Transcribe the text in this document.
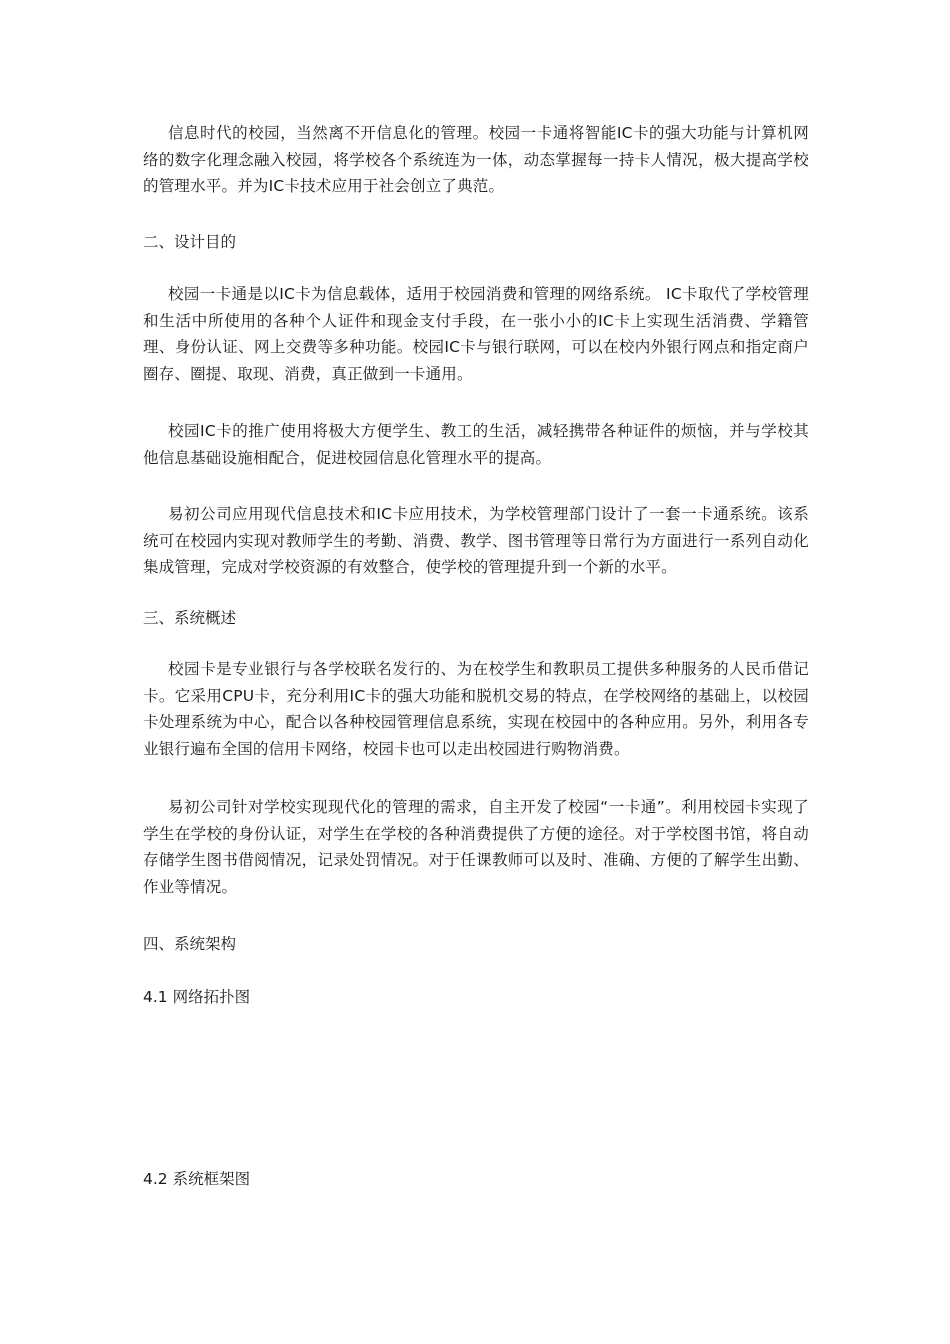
信息时代的校园，当然离不开信息化的管理。校园一卡通将智能IC卡的强大功能与计算机网络的数字化理念融入校园，将学校各个系统连为一体，动态掌握每一持卡人情况，极大提高学校的管理水平。并为IC卡技术应用于社会创立了典范。

二、设计目的

校园一卡通是以IC卡为信息载体，适用于校园消费和管理的网络系统。 IC卡取代了学校管理和生活中所使用的各种个人证件和现金支付手段，在一张小小的IC卡上实现生活消费、学籍管理、身份认证、网上交费等多种功能。校园IC卡与银行联网，可以在校内外银行网点和指定商户圈存、圈提、取现、消费，真正做到一卡通用。

校园IC卡的推广使用将极大方便学生、教工的生活，减轻携带各种证件的烦恼，并与学校其他信息基础设施相配合，促进校园信息化管理水平的提高。

易初公司应用现代信息技术和IC卡应用技术，为学校管理部门设计了一套一卡通系统。该系统可在校园内实现对教师学生的考勤、消费、教学、图书管理等日常行为方面进行一系列自动化集成管理，完成对学校资源的有效整合，使学校的管理提升到一个新的水平。

三、系统概述

校园卡是专业银行与各学校联名发行的、为在校学生和教职员工提供多种服务的人民币借记卡。它采用CPU卡，充分利用IC卡的强大功能和脱机交易的特点，在学校网络的基础上，以校园卡处理系统为中心，配合以各种校园管理信息系统，实现在校园中的各种应用。另外，利用各专业银行遍布全国的信用卡网络，校园卡也可以走出校园进行购物消费。

易初公司针对学校实现现代化的管理的需求，自主开发了校园“一卡通”。利用校园卡实现了学生在学校的身份认证，对学生在学校的各种消费提供了方便的途径。对于学校图书馆，将自动存储学生图书借阅情况，记录处罚情况。对于任课教师可以及时、准确、方便的了解学生出勤、作业等情况。

四、系统架构
4.1 网络拓扑图
4.2 系统框架图
